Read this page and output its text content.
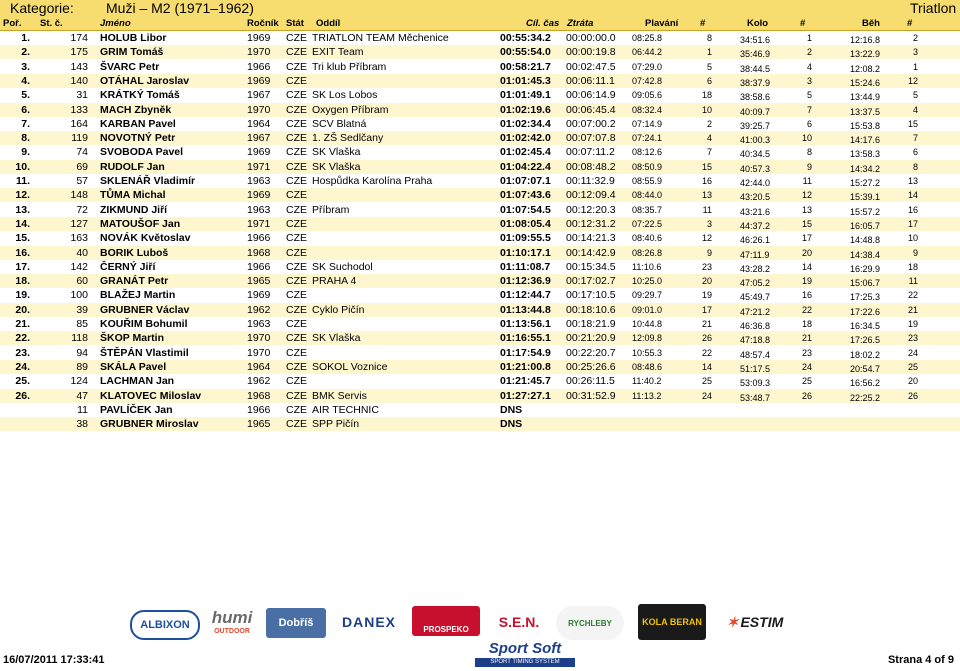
Kategorie: Muži – M2 (1971–1962)	Triatlon
Poř. St. č.	Jméno	Ročník Stát Oddíl	Cíl. čas Ztráta	Plavání #	Kolo	#	Běh	#
1.	174 HOLUB Libor	1969	CZE TRIATLON TEAM Měchenice	00:55:34.2	00:00:00.0	08:25.8	8	34:51.6	1	12:16.8	2
2.	175 GRIM Tomáš	1970	CZE EXIT Team	00:55:54.0	00:00:19.8	06:44.2	1	35:46.9	2	13:22.9	3
3.	143 ŠVARC Petr	1966	CZE Tri klub Příbram	00:58:21.7	00:02:47.5	07:29.0	5	38:44.5	4	12:08.2	1
4.	140 OTÁHAL Jaroslav	1969	CZE	01:01:45.3	00:06:11.1	07:42.8	6	38:37.9	3	15:24.6	12
5.	31 KRÁTKÝ Tomáš	1967	CZE SK Los Lobos	01:01:49.1	00:06:14.9	09:05.6	18	38:58.6	5	13:44.9	5
6.	133 MACH Zbyněk	1970	CZE Oxygen Příbram	01:02:19.6	00:06:45.4	08:32.4	10	40:09.7	7	13:37.5	4
7.	164 KARBAN Pavel	1964	CZE SCV Blatná	01:02:34.4	00:07:00.2	07:14.9	2	39:25.7	6	15:53.8	15
8.	119 NOVOTNÝ Petr	1967	CZE 1. ZŠ Sedlčany	01:02:42.0	00:07:07.8	07:24.1	4	41:00.3	10	14:17.6	7
9.	74 SVOBODA Pavel	1969	CZE SK Vlaška	01:02:45.4	00:07:11.2	08:12.6	7	40:34.5	8	13:58.3	6
10.	69 RUDOLF Jan	1971	CZE SK Vlaška	01:04:22.4	00:08:48.2	08:50.9	15	40:57.3	9	14:34.2	8
11.	57 SKLENÁŘ Vladimír	1963	CZE Hospůdka Karolína Praha	01:07:07.1	00:11:32.9	08:55.9	16	42:44.0	11	15:27.2	13
12.	148 TŮMA Michal	1969	CZE	01:07:43.6	00:12:09.4	08:44.0	13	43:20.5	12	15:39.1	14
13.	72 ZIKMUND Jiří	1963	CZE Příbram	01:07:54.5	00:12:20.3	08:35.7	11	43:21.6	13	15:57.2	16
14.	127 MATOUŠOF Jan	1971	CZE	01:08:05.4	00:12:31.2	07:22.5	3	44:37.2	15	16:05.7	17
15.	163 NOVÁK Květoslav	1966	CZE	01:09:55.5	00:14:21.3	08:40.6	12	46:26.1	17	14:48.8	10
16.	40 BORIK Luboš	1968	CZE	01:10:17.1	00:14:42.9	08:26.8	9	47:11.9	20	14:38.4	9
17.	142 ČERNÝ Jiří	1966	CZE SK Suchodol	01:11:08.7	00:15:34.5	11:10.6	23	43:28.2	14	16:29.9	18
18.	60 GRANÁT Petr	1965	CZE PRAHA 4	01:12:36.9	00:17:02.7	10:25.0	20	47:05.2	19	15:06.7	11
19.	100 BLAŽEJ Martin	1969	CZE	01:12:44.7	00:17:10.5	09:29.7	19	45:49.7	16	17:25.3	22
20.	39 GRUBNER Václav	1962	CZE Cyklo Pičín	01:13:44.8	00:18:10.6	09:01.0	17	47:21.2	22	17:22.6	21
21.	85 KOUŘIM Bohumil	1963	CZE	01:13:56.1	00:18:21.9	10:44.8	21	46:36.8	18	16:34.5	19
22.	118 ŠKOP Martin	1970	CZE SK Vlaška	01:16:55.1	00:21:20.9	12:09.8	26	47:18.8	21	17:26.5	23
23.	94 ŠTĚPÁN Vlastimil	1970	CZE	01:17:54.9	00:22:20.7	10:55.3	22	48:57.4	23	18:02.2	24
24.	89 SKÁLA Pavel	1964	CZE SOKOL Voznice	01:21:00.8	00:25:26.6	08:48.6	14	51:17.5	24	20:54.7	25
25.	124 LACHMAN Jan	1962	CZE	01:21:45.7	00:26:11.5	11:40.2	25	53:09.3	25	16:56.2	20
26.	47 KLATOVEC Miloslav	1968	CZE BMK Servis	01:27:27.1	00:31:52.9	11:13.2	24	53:48.7	26	22:25.2	26
11 PAVLÍČEK Jan	1966	CZE AIR TECHNIC	DNS
38 GRUBNER Miroslav	1965	CZE SPP Pičín	DNS
ALBIXON humi
OUTDOOR
Dobříš DANEX	PROSPEKO S.E.N.	RYCHLEBY	KOLA BERAN ✶ ESTIM
16/07/2011 17:33:41
Sport Soft
SPORT TIMING SYSTEM	Strana 4 of 9
